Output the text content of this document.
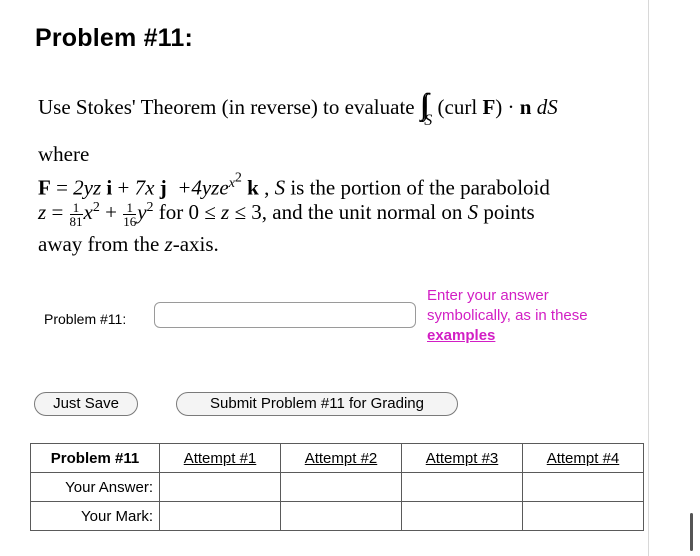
Problem #11:
Use Stokes' Theorem (in reverse) to evaluate $\int\int_S$ (curl F) · n dS
where
F = 2yz i + 7x j  +4yze$^{x^2}$ k , S is the portion of the paraboloid
$z = \frac{1}{81} x^2 + \frac{1}{16} y^2$ for 0 ≤ z ≤ 3, and the unit normal on S points
away from the z-axis.
Problem #11:
Enter your answer
symbolically, as in these
examples
Just Save	Submit Problem #11 for Grading
Problem #11	Attempt #1	Attempt #2	Attempt #3	Attempt #4
Your Answer:				
Your Mark:				
